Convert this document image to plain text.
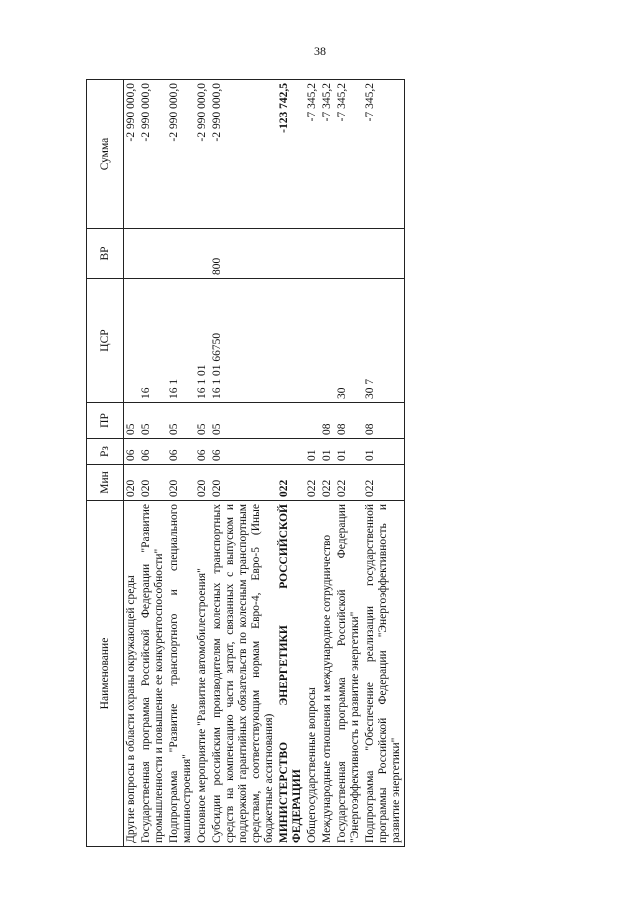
38
Наименование	Мин	Рз	ПР	ЦСР	ВР	Сумма
Другие вопросы в области охраны окружающей среды	020	06	05			-2 990 000,0
Государственная программа Российской Федерации "Развитие промышленности и повышение ее конкурентоспособности"	020	06	05	16		-2 990 000,0
Подпрограмма "Развитие транспортного и специального машиностроения"	020	06	05	16 1		-2 990 000,0
Основное мероприятие "Развитие автомобилестроения"	020	06	05	16 1 01		-2 990 000,0
Субсидии российским производителям колесных транспортных средств на компенсацию части затрат, связанных с выпуском и поддержкой гарантийных обязательств по колесным транспортным средствам, соответствующим нормам Евро-4, Евро-5 (Иные бюджетные ассигнования)	020	06	05	16 1 01 66750	800	-2 990 000,0
МИНИСТЕРСТВО ЭНЕРГЕТИКИ РОССИЙСКОЙ ФЕДЕРАЦИИ	022					-123 742,5
Общегосударственные вопросы	022	01				-7 345,2
Международные отношения и международное сотрудничество	022	01	08			-7 345,2
Государственная программа Российской Федерации "Энергоэффективность и развитие энергетики"	022	01	08	30		-7 345,2
Подпрограмма "Обеспечение реализации государственной программы Российской Федерации "Энергоэффективность и развитие энергетики"	022	01	08	30 7		-7 345,2
